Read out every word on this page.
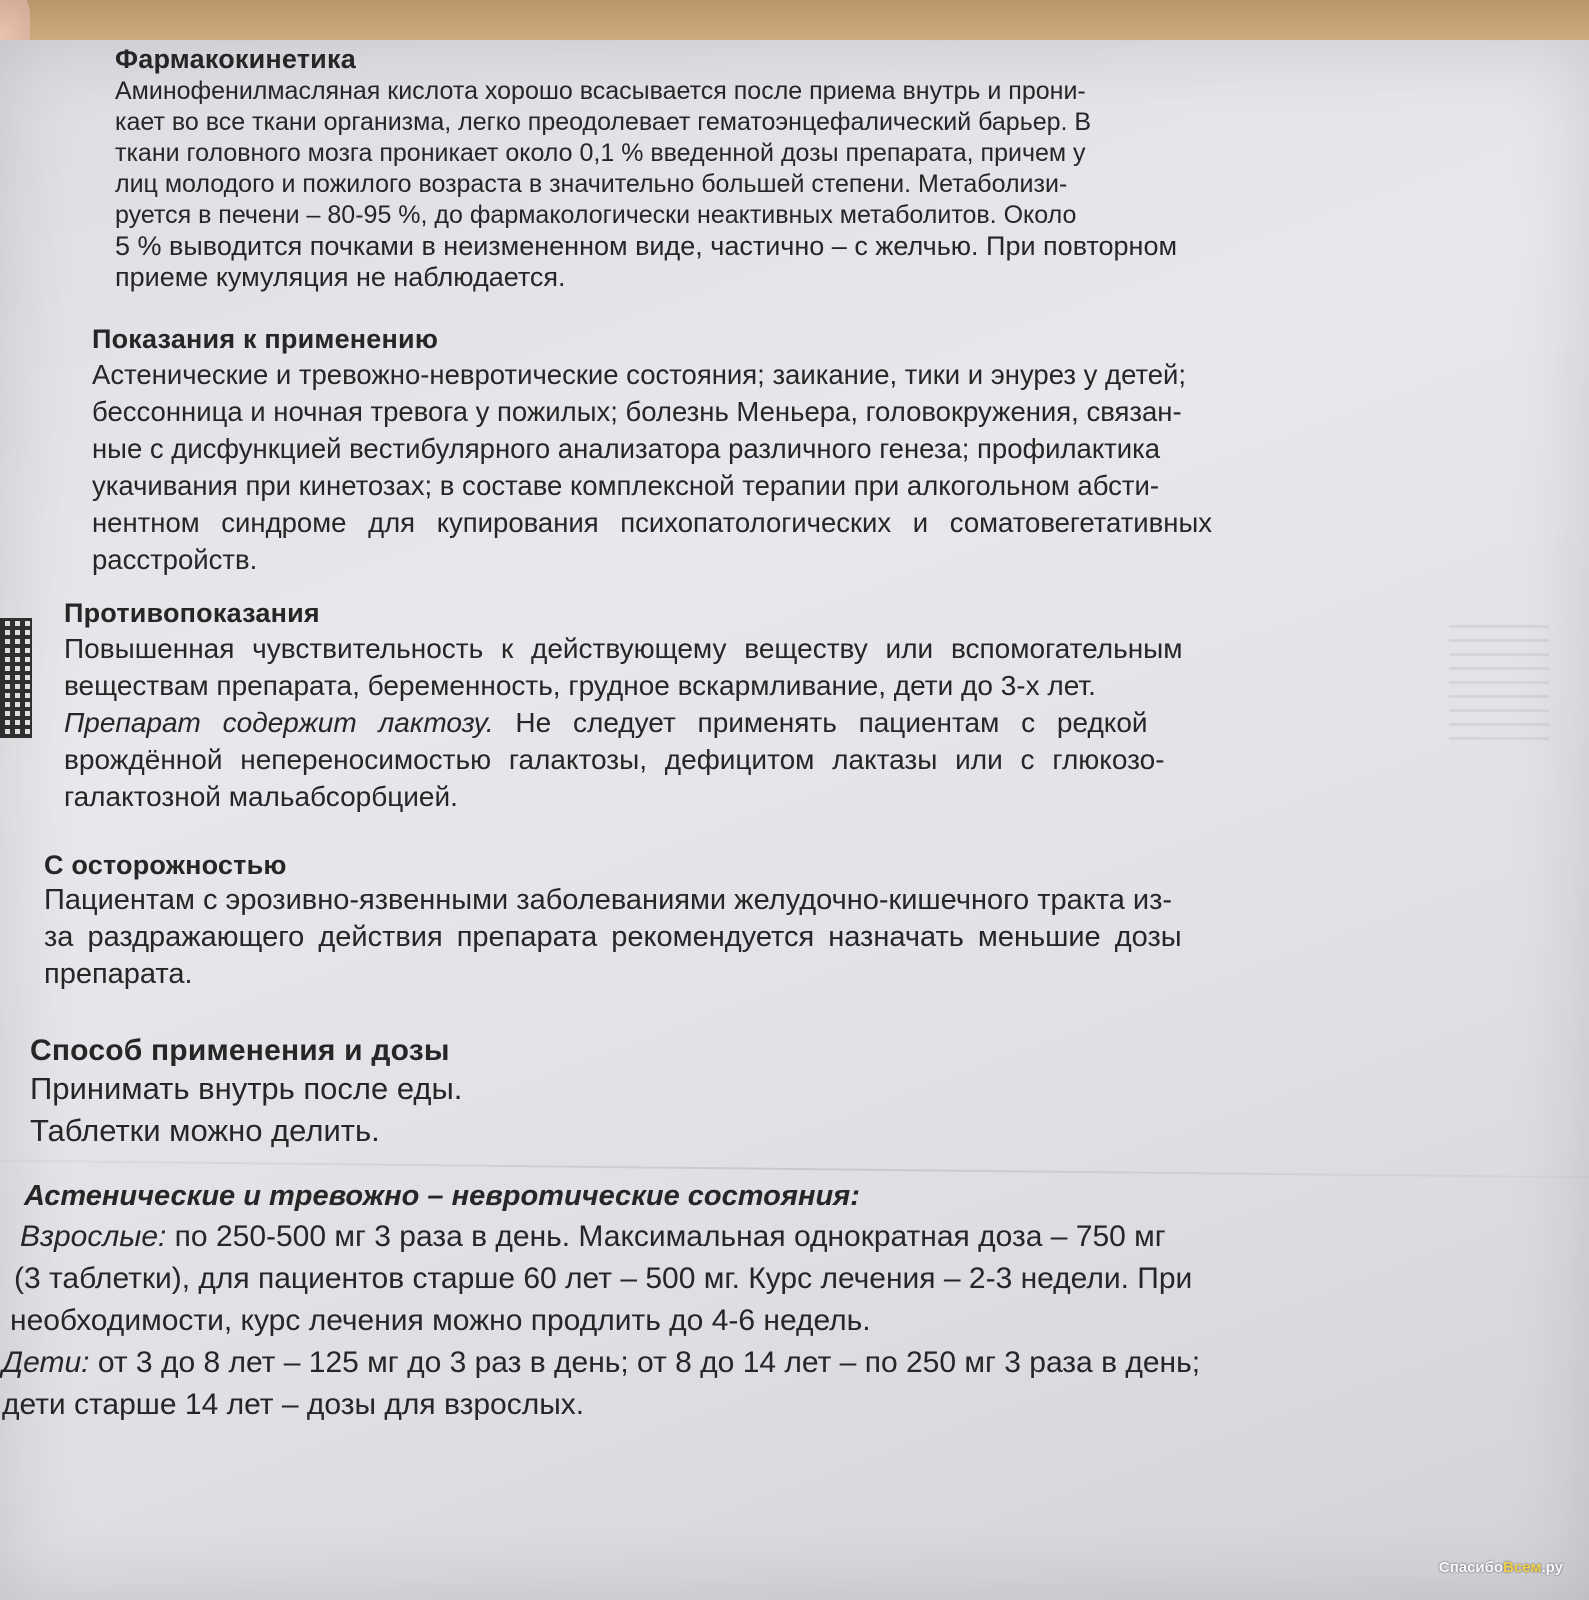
Фармакокинетика
Аминофенилмасляная кислота хорошо всасывается после приема внутрь и прони-
кает во все ткани организма, легко преодолевает гематоэнцефалический барьер. В
ткани головного мозга проникает около 0,1 % введенной дозы препарата, причем у
лиц молодого и пожилого возраста в значительно большей степени. Метаболизи-
руется в печени – 80-95 %, до фармакологически неактивных метаболитов. Около
5 % выводится почками в неизмененном виде, частично – с желчью. При повторном
приеме кумуляция не наблюдается.
Показания к применению
Астенические и тревожно-невротические состояния; заикание, тики и энурез у детей;
бессонница и ночная тревога у пожилых; болезнь Меньера, головокружения, связан-
ные с дисфункцией вестибулярного анализатора различного генеза; профилактика
укачивания при кинетозах; в составе комплексной терапии при алкогольном абсти-
нентном синдроме для купирования психопатологических и соматовегетативных
расстройств.
Противопоказания
Повышенная чувствительность к действующему веществу или вспомогательным
веществам препарата, беременность, грудное вскармливание, дети до 3-х лет.
Препарат содержит лактозу. Не следует применять пациентам с редкой
врождённой непереносимостью галактозы, дефицитом лактазы или с глюкозо-
галактозной мальабсорбцией.
С осторожностью
Пациентам с эрозивно-язвенными заболеваниями желудочно-кишечного тракта из-
за раздражающего действия препарата рекомендуется назначать меньшие дозы
препарата.
Способ применения и дозы
Принимать внутрь после еды.
Таблетки можно делить.
Астенические и тревожно – невротические состояния:
Взрослые: по 250-500 мг 3 раза в день. Максимальная однократная доза – 750 мг
(3 таблетки), для пациентов старше 60 лет – 500 мг. Курс лечения – 2-3 недели. При
необходимости, курс лечения можно продлить до 4-6 недель.
Дети: от 3 до 8 лет – 125 мг до 3 раз в день; от 8 до 14 лет – по 250 мг 3 раза в день;
дети старше 14 лет – дозы для взрослых.
СпасибоВсем.ру
